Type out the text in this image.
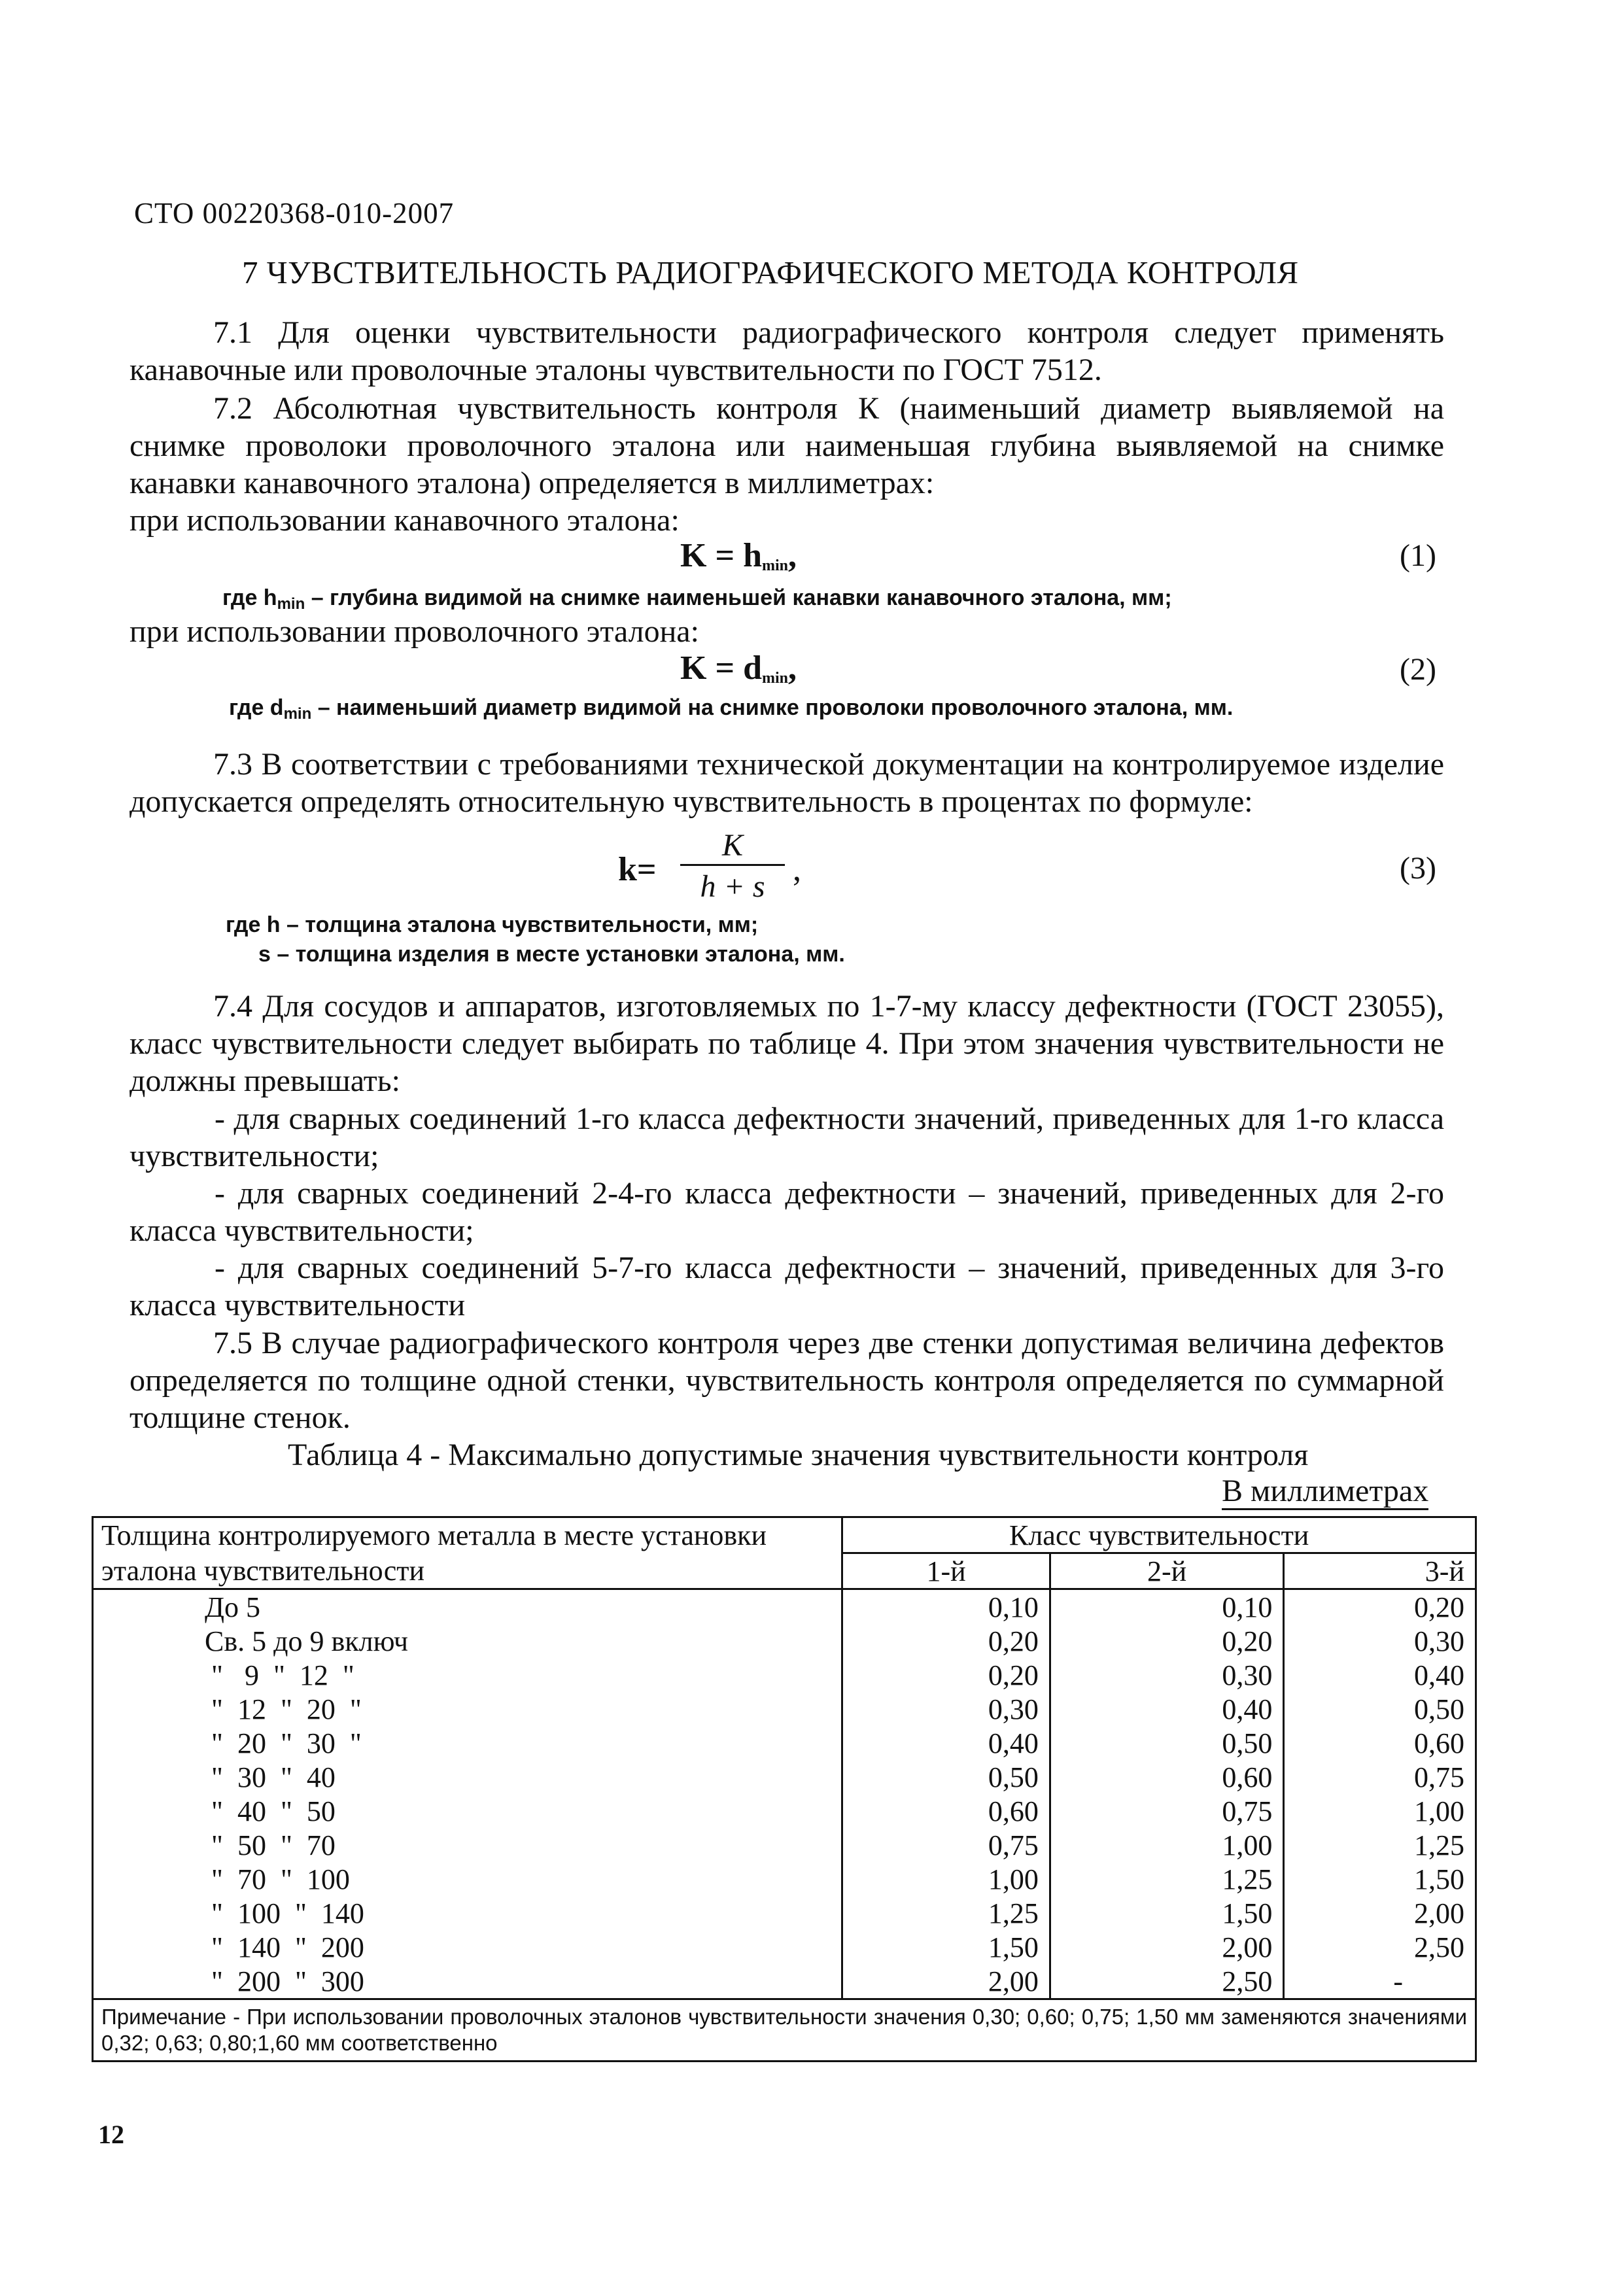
СТО 00220368-010-2007
7 ЧУВСТВИТЕЛЬНОСТЬ РАДИОГРАФИЧЕСКОГО МЕТОДА КОНТРОЛЯ
7.1 Для оценки чувствительности радиографического контроля следует применять канавочные или проволочные эталоны чувствительности по ГОСТ 7512.
7.2 Абсолютная чувствительность контроля К (наименьший диаметр выявляемой на снимке проволоки проволочного эталона или наименьшая глубина выявляемой на снимке канавки канавочного эталона) определяется в миллиметрах:
при использовании канавочного эталона:
$K = h_{min}$,	(1)
где $h_{min}$ – глубина видимой на снимке наименьшей канавки канавочного эталона, мм;
при использовании проволочного эталона:
$K = d_{min}$,	(2)
где $d_{min}$ – наименьший диаметр видимой на снимке проволоки проволочного эталона, мм.
7.3 В соответствии с требованиями технической документации на контролируемое изделие допускается определять относительную чувствительность в процентах по формуле:
k=
K
h + s ,	(3)
где h – толщина эталона чувствительности, мм;
s – толщина изделия в месте установки эталона, мм.
7.4 Для сосудов и аппаратов, изготовляемых по 1-7-му классу дефектности (ГОСТ 23055), класс чувствительности следует выбирать по таблице 4. При этом значения чувствительности не должны превышать:
- для сварных соединений 1-го класса дефектности значений, приведенных для 1-го класса чувствительности;
- для сварных соединений 2-4-го класса дефектности – значений, приведенных для 2-го класса чувствительности;
- для сварных соединений 5-7-го класса дефектности – значений, приведенных для 3-го класса чувствительности
7.5 В случае радиографического контроля через две стенки допустимая величина дефектов определяется по толщине одной стенки, чувствительность контроля определяется по суммарной толщине стенок.
Таблица 4 - Максимально допустимые значения чувствительности контроля
В миллиметрах
Толщина контролируемого металла в месте установки	Класс чувствительности		
эталона чувствительности	1-й	2-й	3-й
До 5	0,10	0,10	0,20
Св. 5 до 9 включ	0,20	0,20	0,30
"   9  "  12  "	0,20	0,30	0,40
"  12  "  20  "	0,30	0,40	0,50
"  20  "  30  "	0,40	0,50	0,60
"  30  "  40	0,50	0,60	0,75
"  40  "  50	0,60	0,75	1,00
"  50  "  70	0,75	1,00	1,25
"  70  "  100	1,00	1,25	1,50
"  100  "  140	1,25	1,50	2,00
"  140  "  200	1,50	2,00	2,50
"  200  "  300	2,00	2,50	-
Примечание - При использовании проволочных эталонов чувствительности значения 0,30; 0,60; 0,75; 1,50 мм заменяются значениями 0,32; 0,63; 0,80;1,60 мм соответственно			
12
